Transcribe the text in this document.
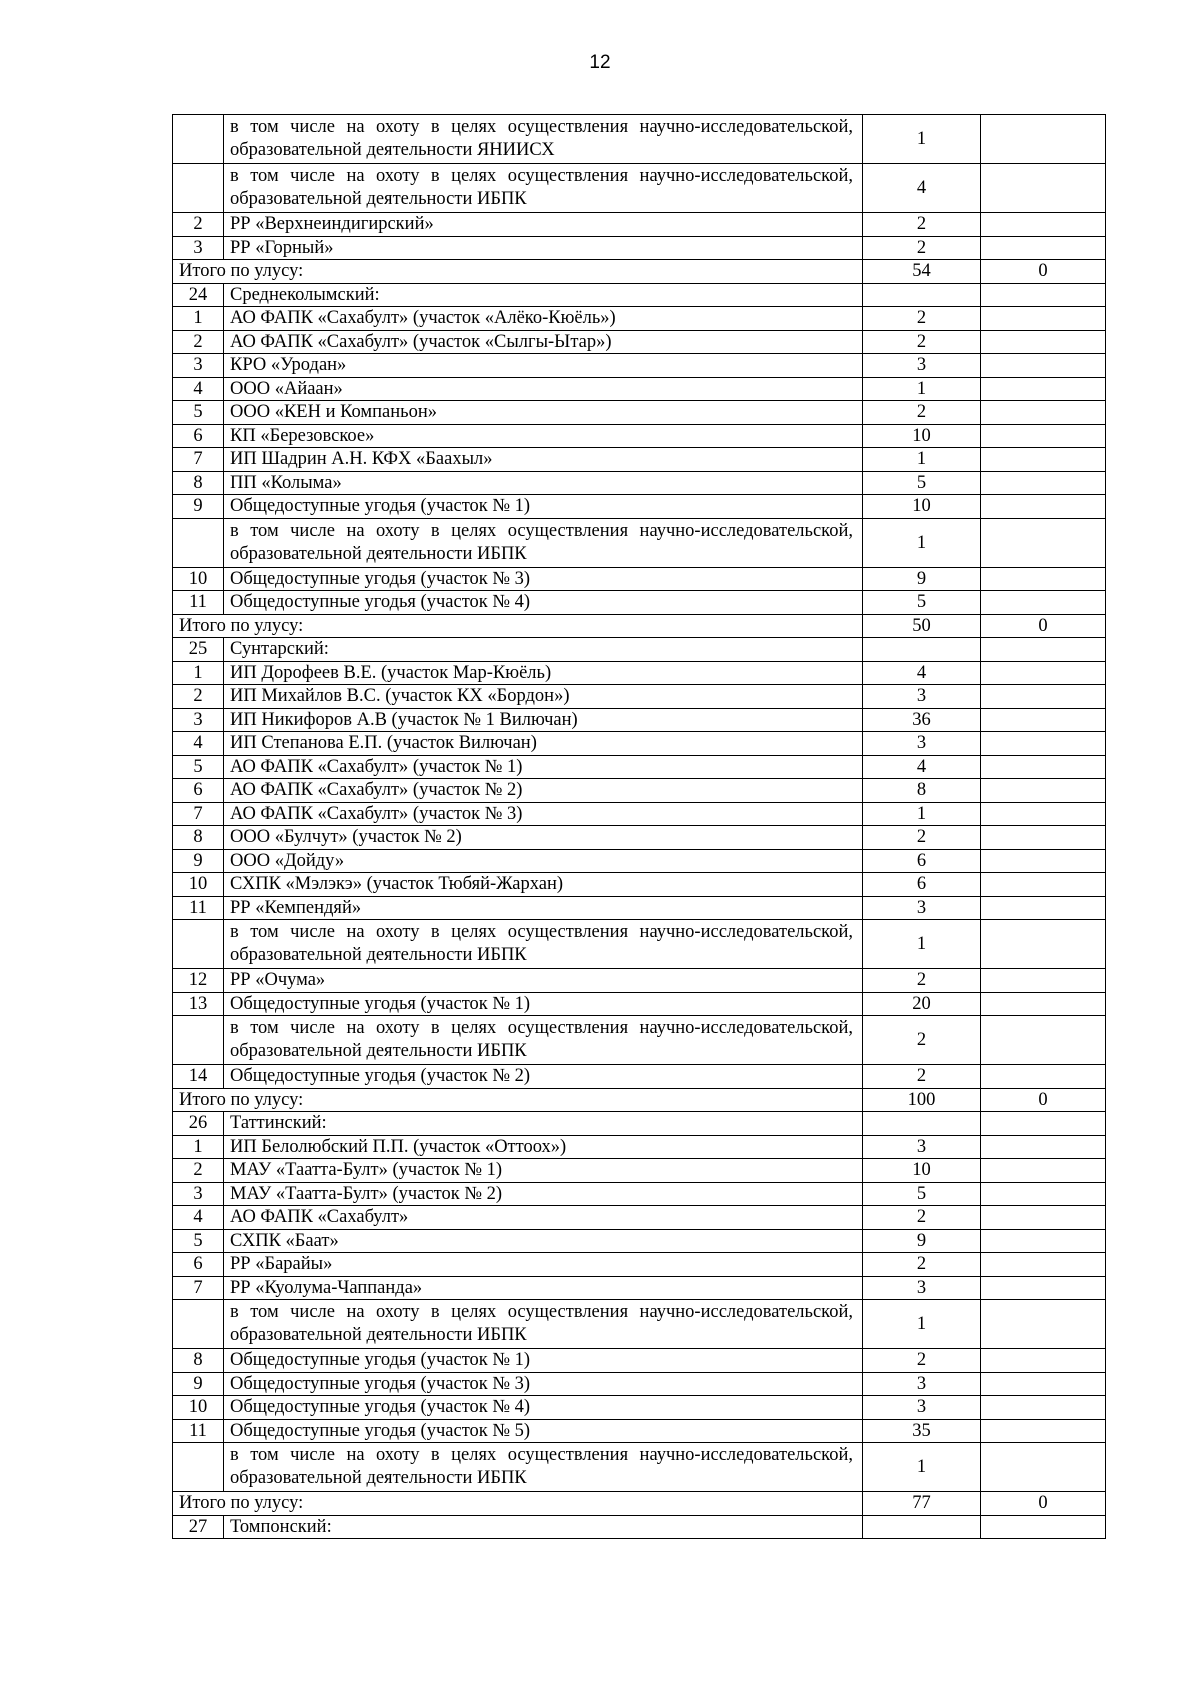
12
	в том числе на охоту в целях осуществления научно-исследовательской, образовательной деятельности ЯНИИСХ	1	
	в том числе на охоту в целях осуществления научно-исследовательской, образовательной деятельности ИБПК	4	
2	РР «Верхнеиндигирский»	2	
3	РР «Горный»	2	
Итого по улусу:		54	0
24	Среднеколымский:		
1	АО ФАПК «Сахабулт» (участок «Алёко-Кюёль»)	2	
2	АО ФАПК «Сахабулт» (участок «Сылгы-Ытар»)	2	
3	КРО «Уродан»	3	
4	ООО «Айаан»	1	
5	ООО «КЕН и Компаньон»	2	
6	КП «Березовское»	10	
7	ИП Шадрин А.Н. КФХ «Баахыл»	1	
8	ПП «Колыма»	5	
9	Общедоступные угодья (участок № 1)	10	
	в том числе на охоту в целях осуществления научно-исследовательской, образовательной деятельности ИБПК	1	
10	Общедоступные угодья (участок № 3)	9	
11	Общедоступные угодья (участок № 4)	5	
Итого по улусу:		50	0
25	Сунтарский:		
1	ИП Дорофеев В.Е. (участок Мар-Кюёль)	4	
2	ИП Михайлов В.С. (участок КХ «Бордон»)	3	
3	ИП Никифоров А.В (участок № 1 Вилючан)	36	
4	ИП Степанова Е.П. (участок Вилючан)	3	
5	АО ФАПК «Сахабулт» (участок № 1)	4	
6	АО ФАПК «Сахабулт» (участок № 2)	8	
7	АО ФАПК «Сахабулт» (участок № 3)	1	
8	ООО «Булчут» (участок № 2)	2	
9	ООО «Дойду»	6	
10	СХПК «Мэлэкэ» (участок Тюбяй-Жархан)	6	
11	РР «Кемпендяй»	3	
	в том числе на охоту в целях осуществления научно-исследовательской, образовательной деятельности ИБПК	1	
12	РР «Очума»	2	
13	Общедоступные угодья (участок № 1)	20	
	в том числе на охоту в целях осуществления научно-исследовательской, образовательной деятельности ИБПК	2	
14	Общедоступные угодья (участок № 2)	2	
Итого по улусу:		100	0
26	Таттинский:		
1	ИП Белолюбский П.П. (участок «Оттоох»)	3	
2	МАУ «Таатта-Булт» (участок № 1)	10	
3	МАУ «Таатта-Булт» (участок № 2)	5	
4	АО ФАПК «Сахабулт»	2	
5	СХПК «Баат»	9	
6	РР «Барайы»	2	
7	РР «Куолума-Чаппанда»	3	
	в том числе на охоту в целях осуществления научно-исследовательской, образовательной деятельности ИБПК	1	
8	Общедоступные угодья (участок № 1)	2	
9	Общедоступные угодья (участок № 3)	3	
10	Общедоступные угодья (участок № 4)	3	
11	Общедоступные угодья (участок № 5)	35	
	в том числе на охоту в целях осуществления научно-исследовательской, образовательной деятельности ИБПК	1	
Итого по улусу:		77	0
27	Томпонский:		
